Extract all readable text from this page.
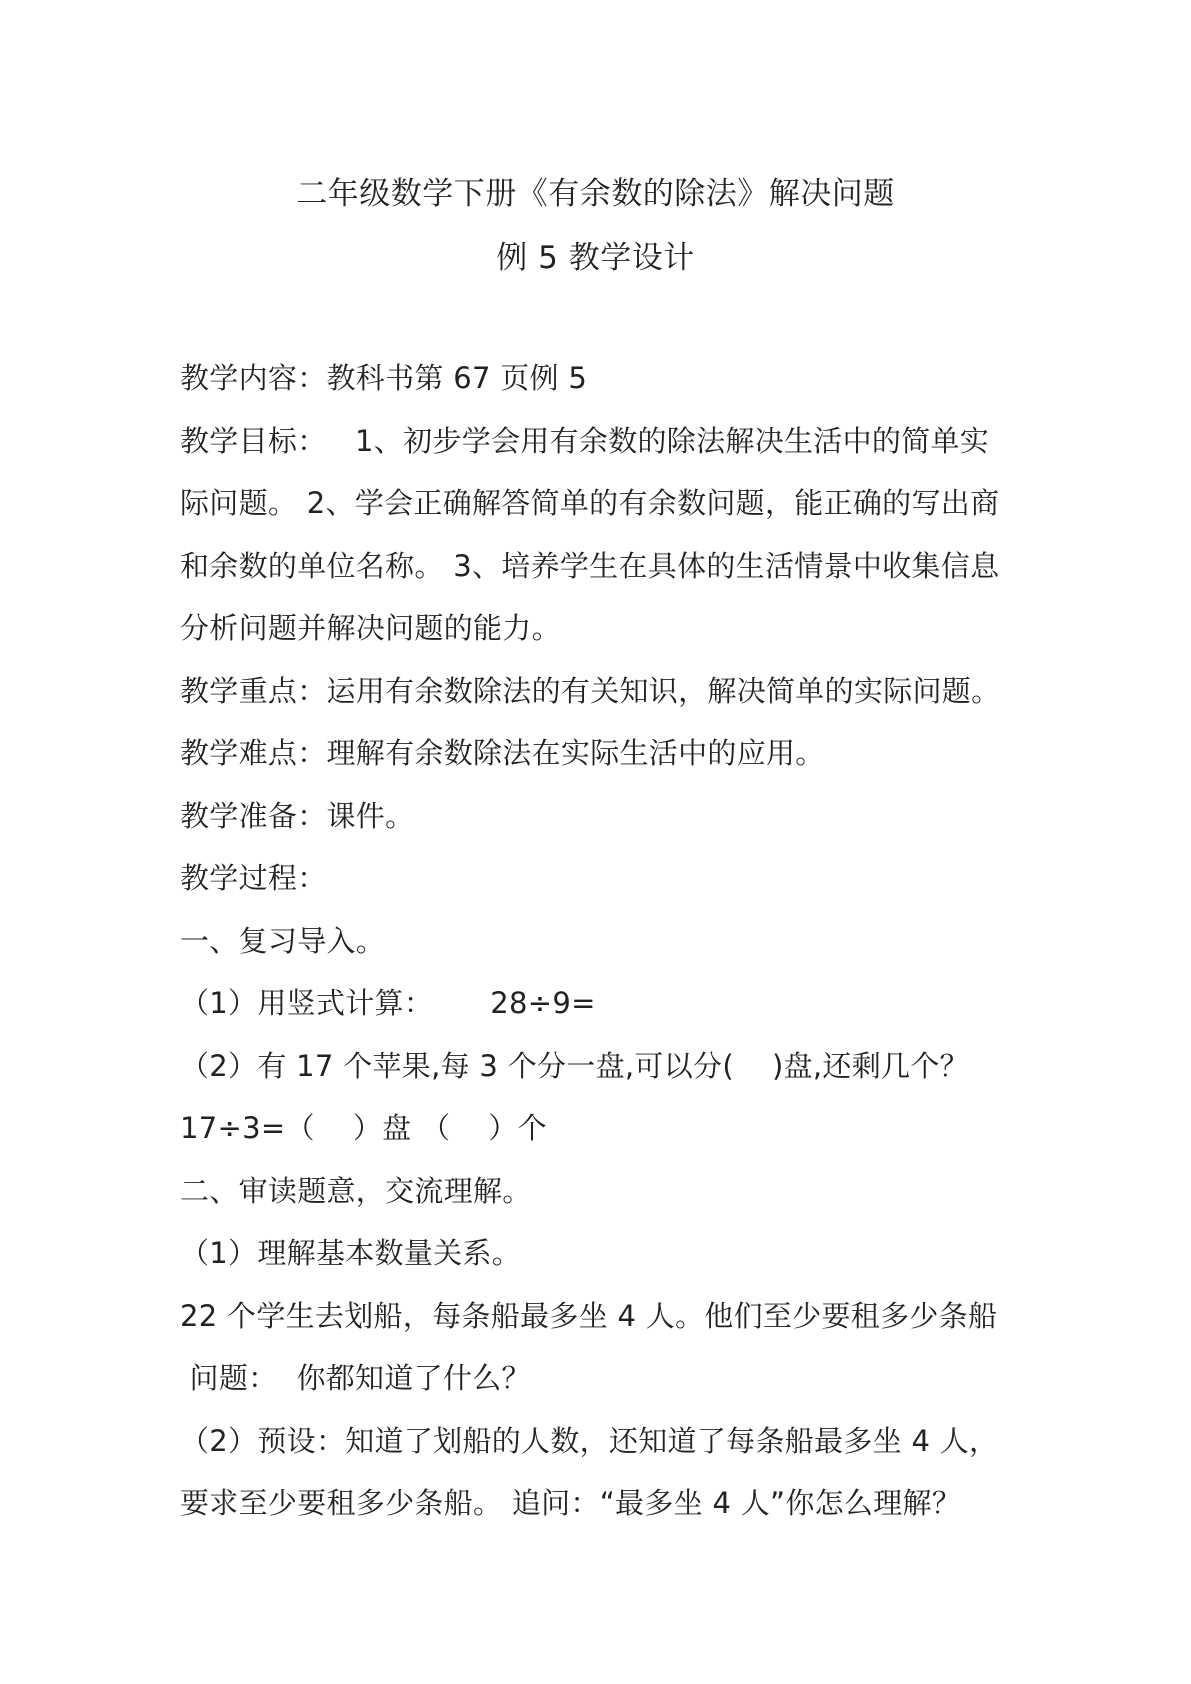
二年级数学下册《有余数的除法》解决问题
例 5 教学设计
教学内容：教科书第 67 页例 5
教学目标：   1、初步学会用有余数的除法解决生活中的简单实
际问题。 2、学会正确解答简单的有余数问题，能正确的写出商
和余数的单位名称。 3、培养学生在具体的生活情景中收集信息
分析问题并解决问题的能力。
教学重点：运用有余数除法的有关知识，解决简单的实际问题。
教学难点：理解有余数除法在实际生活中的应用。
教学准备：课件。
教学过程：
一、复习导入。
（1）用竖式计算：      28÷9=
（2）有 17 个苹果,每 3 个分一盘,可以分(    )盘,还剩几个？
17÷3=（    ）盘 （    ）个
二、审读题意，交流理解。
（1）理解基本数量关系。
22 个学生去划船，每条船最多坐 4 人。他们至少要租多少条船
问题：  你都知道了什么？
（2）预设：知道了划船的人数，还知道了每条船最多坐 4 人，
要求至少要租多少条船。 追问：“最多坐 4 人”你怎么理解？
